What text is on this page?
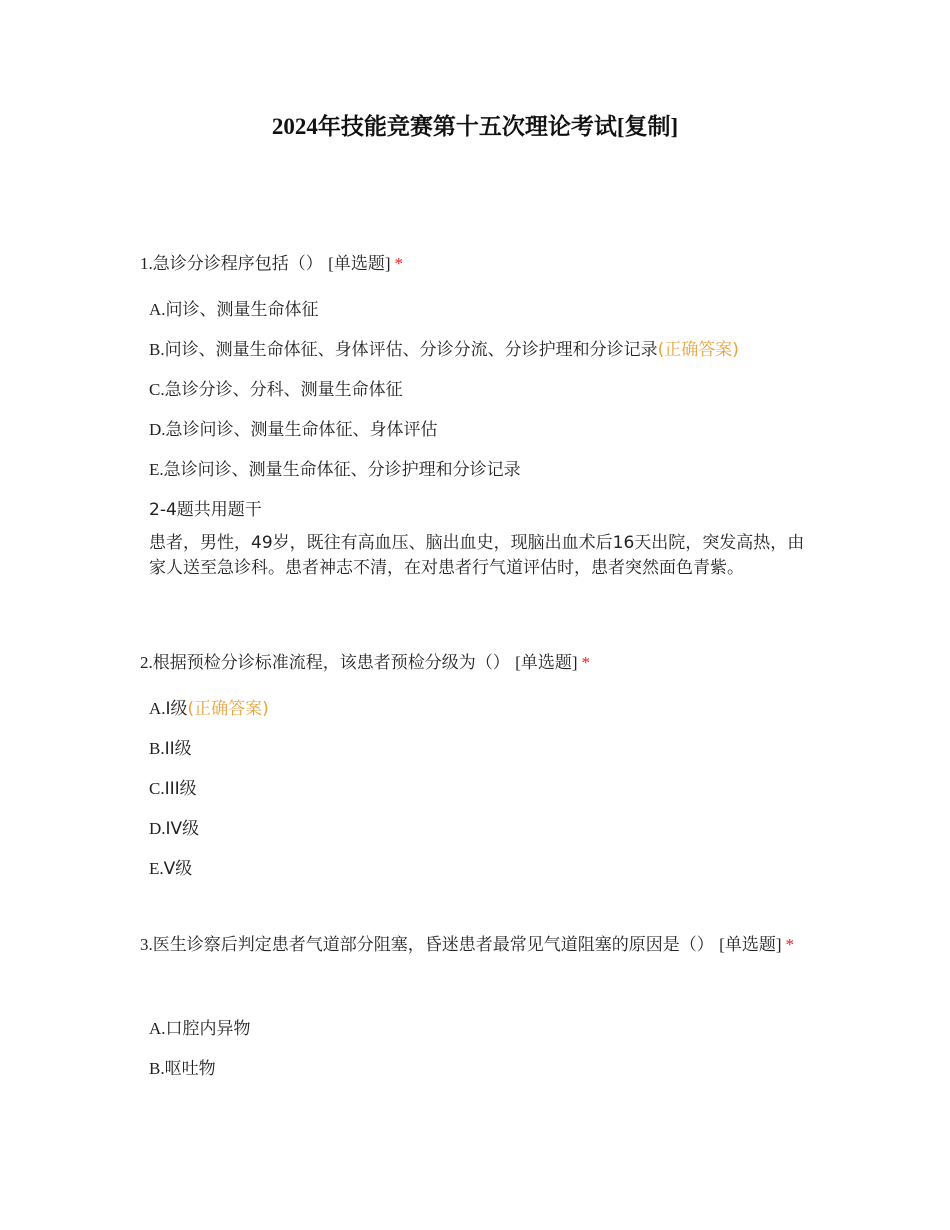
2024年技能竞赛第十五次理论考试[复制]
1.急诊分诊程序包括（） [单选题] *
A.问诊、测量生命体征
B.问诊、测量生命体征、身体评估、分诊分流、分诊护理和分诊记录(正确答案)
C.急诊分诊、分科、测量生命体征
D.急诊问诊、测量生命体征、身体评估
E.急诊问诊、测量生命体征、分诊护理和分诊记录
2-4题共用题干
患者，男性，49岁，既往有高血压、脑出血史，现脑出血术后16天出院，突发高热，由家人送至急诊科。患者神志不清，在对患者行气道评估时，患者突然面色青紫。
2.根据预检分诊标准流程，该患者预检分级为（） [单选题] *
A.I级(正确答案)
B.II级
C.III级
D.IV级
E.V级
3.医生诊察后判定患者气道部分阻塞，昏迷患者最常见气道阻塞的原因是（） [单选题] *
A.口腔内异物
B.呕吐物
